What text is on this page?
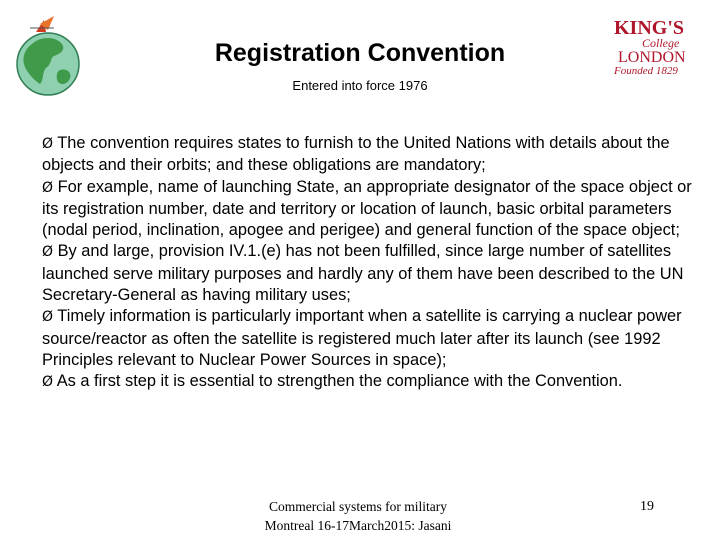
KING'S
College
LONDON
Founded 1829
Registration Convention
Entered into force 1976

Ø The convention requires states to furnish to the United Nations with details about the objects and their orbits; and these obligations are mandatory;

Ø For example, name of launching State, an appropriate designator of the space object or its registration number, date and territory or location of launch, basic orbital parameters (nodal period, inclination, apogee and perigee) and general function of the space object;

Ø By and large, provision IV.1.(e) has not been fulfilled, since large number of satellites launched serve military purposes and hardly any of them have been described to the UN Secretary-General as having military uses;

Ø Timely information is particularly important when a satellite is carrying a nuclear power source/reactor as often the satellite is registered much later after its launch (see 1992 Principles relevant to Nuclear Power Sources in space);

Ø As a first step it is essential to strengthen the compliance with the Convention.

Commercial systems for military
Montreal 16-17March2015: Jasani
19
